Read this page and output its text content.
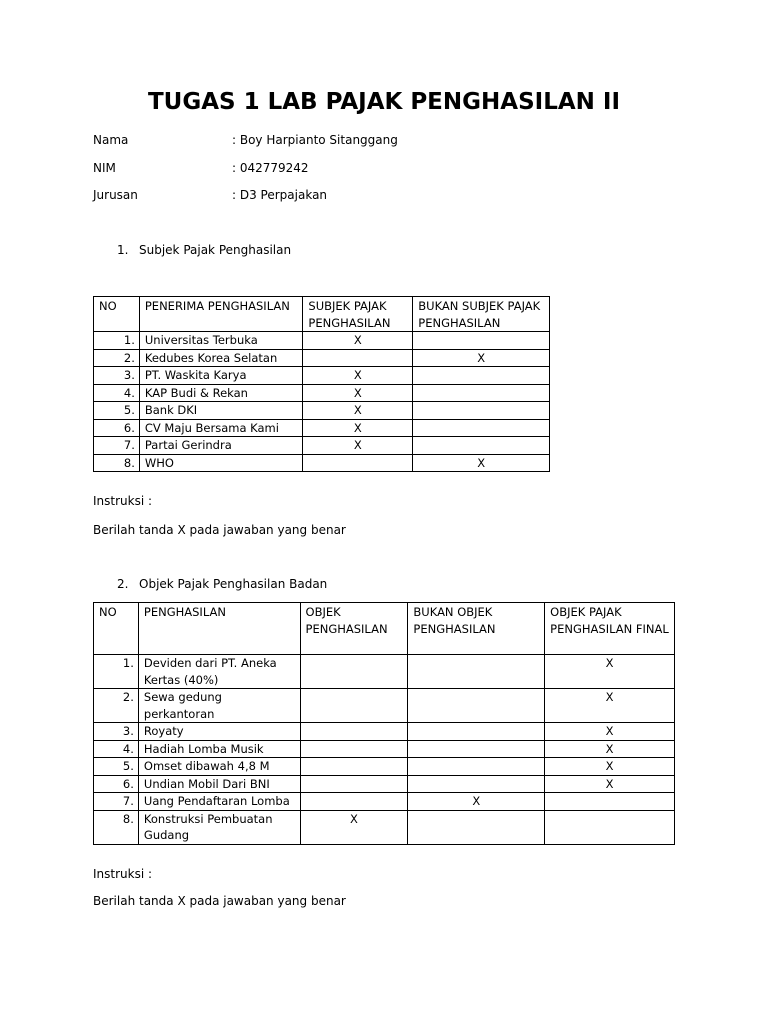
TUGAS 1 LAB PAJAK PENGHASILAN II
Nama	: Boy Harpianto Sitanggang
NIM	: 042779242
Jurusan	: D3 Perpajakan
1. Subjek Pajak Penghasilan
NO	PENERIMA PENGHASILAN	SUBJEK PAJAK PENGHASILAN	BUKAN SUBJEK PAJAK PENGHASILAN
1.	Universitas Terbuka	X	
2.	Kedubes Korea Selatan		X
3.	PT. Waskita Karya	X	
4.	KAP Budi & Rekan	X	
5.	Bank DKI	X	
6.	CV Maju Bersama Kami	X	
7.	Partai Gerindra	X	
8.	WHO		X
Instruksi :
Berilah tanda X pada jawaban yang benar
2. Objek Pajak Penghasilan Badan
NO	PENGHASILAN	OBJEK PENGHASILAN	BUKAN OBJEK PENGHASILAN	OBJEK PAJAK PENGHASILAN FINAL
1.	Deviden dari PT. Aneka Kertas (40%)			X
2.	Sewa gedung perkantoran			X
3.	Royaty			X
4.	Hadiah Lomba Musik			X
5.	Omset dibawah 4,8 M			X
6.	Undian Mobil Dari BNI			X
7.	Uang Pendaftaran Lomba		X	
8.	Konstruksi Pembuatan Gudang	X		
Instruksi :
Berilah tanda X pada jawaban yang benar
